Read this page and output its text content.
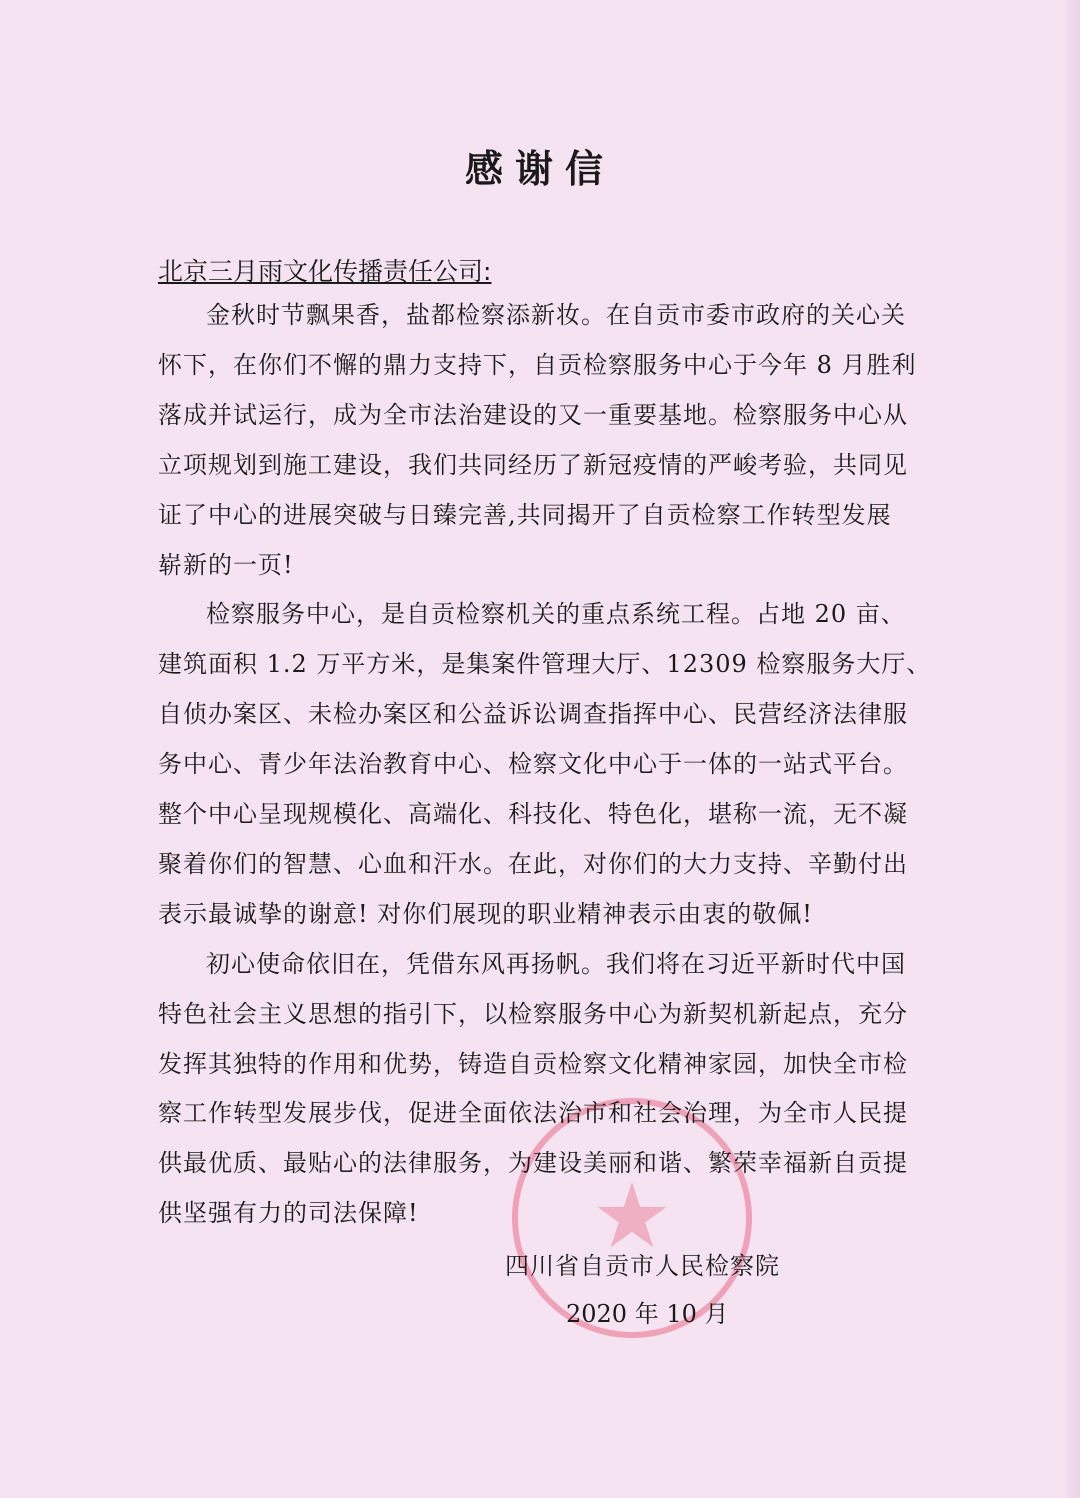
★
感谢信
北京三月雨文化传播责任公司:
金秋时节飘果香，盐都检察添新妆。在自贡市委市政府的关心关
怀下，在你们不懈的鼎力支持下，自贡检察服务中心于今年 8 月胜利
落成并试运行，成为全市法治建设的又一重要基地。检察服务中心从
立项规划到施工建设，我们共同经历了新冠疫情的严峻考验，共同见
证了中心的进展突破与日臻完善,共同揭开了自贡检察工作转型发展
崭新的一页!
检察服务中心，是自贡检察机关的重点系统工程。占地 20 亩、
建筑面积 1.2 万平方米，是集案件管理大厅、12309 检察服务大厅、
自侦办案区、未检办案区和公益诉讼调查指挥中心、民营经济法律服
务中心、青少年法治教育中心、检察文化中心于一体的一站式平台。
整个中心呈现规模化、高端化、科技化、特色化，堪称一流，无不凝
聚着你们的智慧、心血和汗水。在此，对你们的大力支持、辛勤付出
表示最诚挚的谢意! 对你们展现的职业精神表示由衷的敬佩!
初心使命依旧在，凭借东风再扬帆。我们将在习近平新时代中国
特色社会主义思想的指引下，以检察服务中心为新契机新起点，充分
发挥其独特的作用和优势，铸造自贡检察文化精神家园，加快全市检
察工作转型发展步伐，促进全面依法治市和社会治理，为全市人民提
供最优质、最贴心的法律服务，为建设美丽和谐、繁荣幸福新自贡提
供坚强有力的司法保障!
四川省自贡市人民检察院
2020 年 10 月
